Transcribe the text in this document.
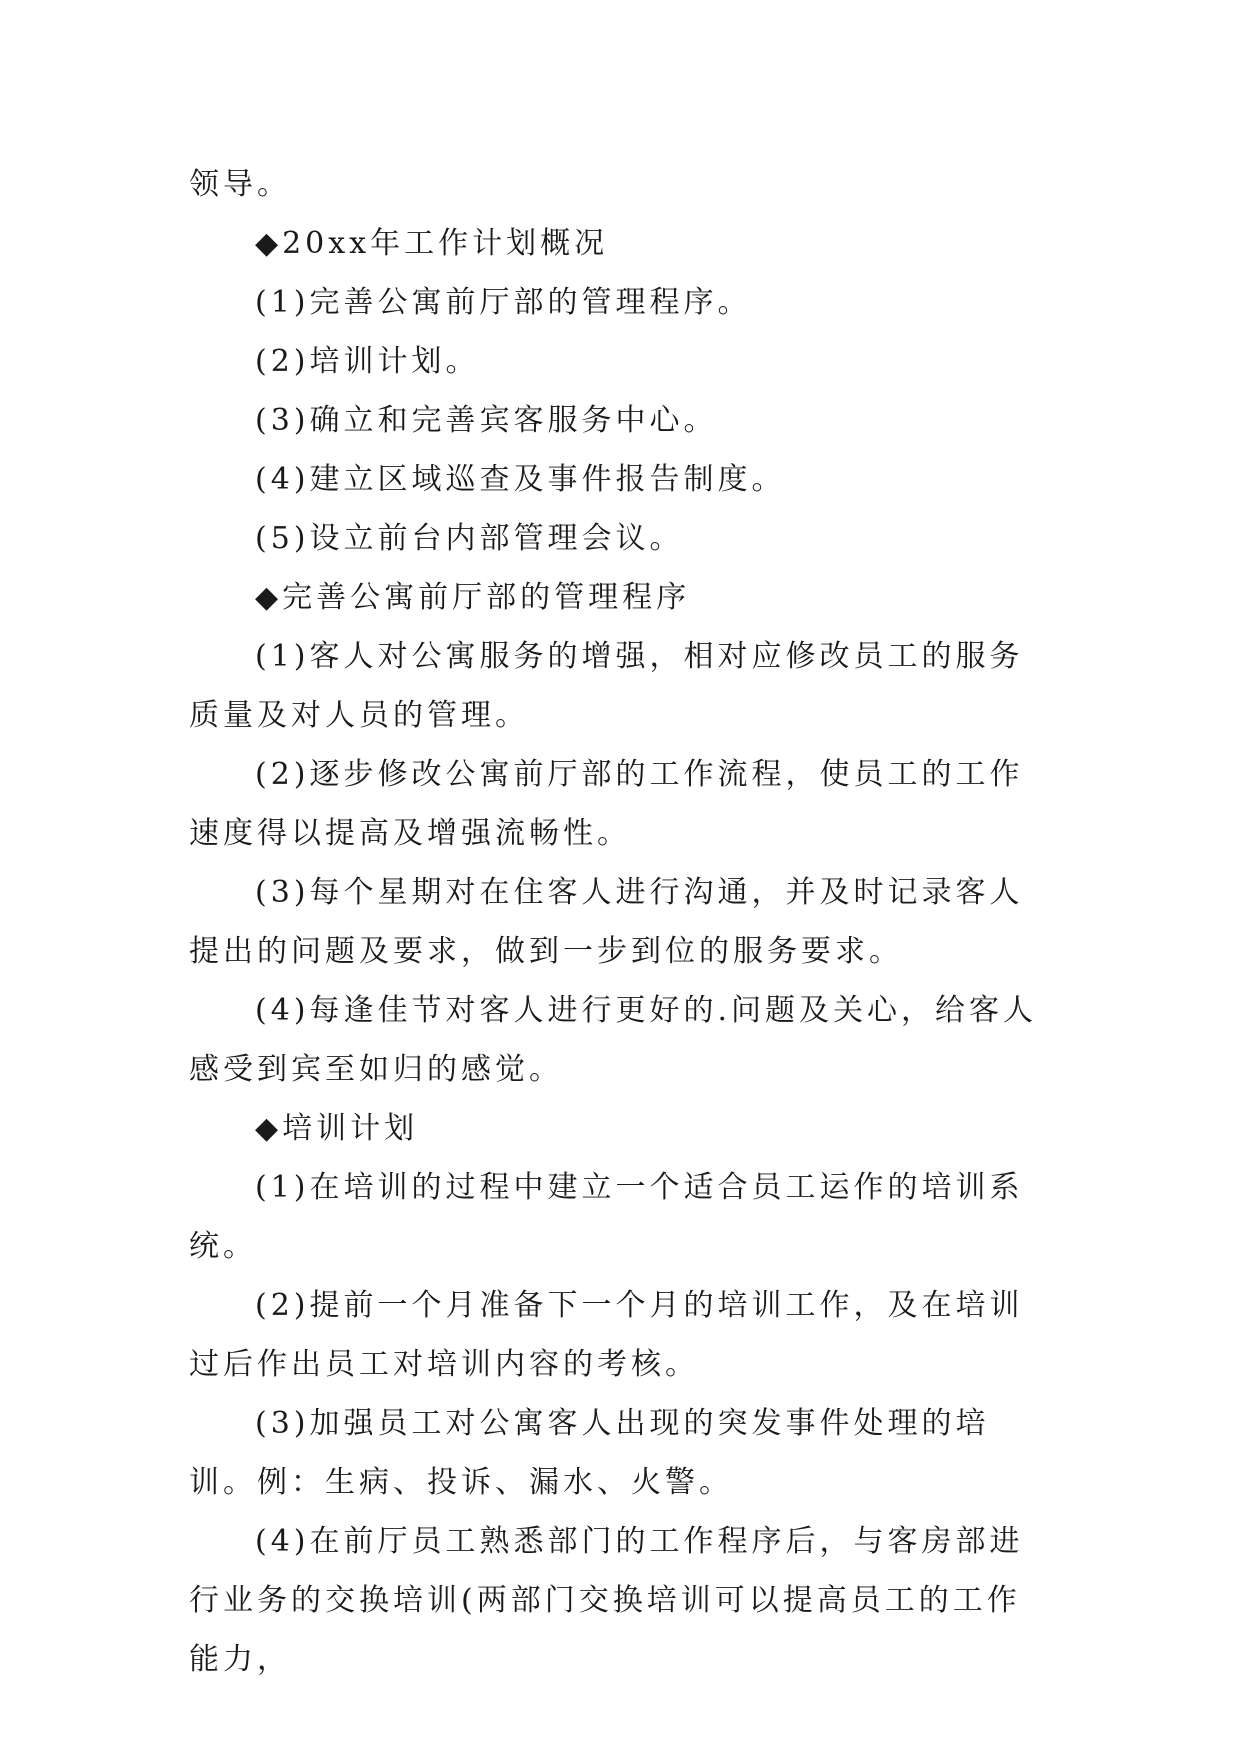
领导。

◆20xx年工作计划概况

(1)完善公寓前厅部的管理程序。

(2)培训计划。

(3)确立和完善宾客服务中心。

(4)建立区域巡查及事件报告制度。

(5)设立前台内部管理会议。

◆完善公寓前厅部的管理程序

(1)客人对公寓服务的增强，相对应修改员工的服务质量及对人员的管理。

(2)逐步修改公寓前厅部的工作流程，使员工的工作速度得以提高及增强流畅性。

(3)每个星期对在住客人进行沟通，并及时记录客人提出的问题及要求，做到一步到位的服务要求。

(4)每逢佳节对客人进行更好的.问题及关心，给客人感受到宾至如归的感觉。

◆培训计划

(1)在培训的过程中建立一个适合员工运作的培训系统。

(2)提前一个月准备下一个月的培训工作，及在培训过后作出员工对培训内容的考核。

(3)加强员工对公寓客人出现的突发事件处理的培训。例：生病、投诉、漏水、火警。

(4)在前厅员工熟悉部门的工作程序后，与客房部进行业务的交换培训(两部门交换培训可以提高员工的工作能力，
